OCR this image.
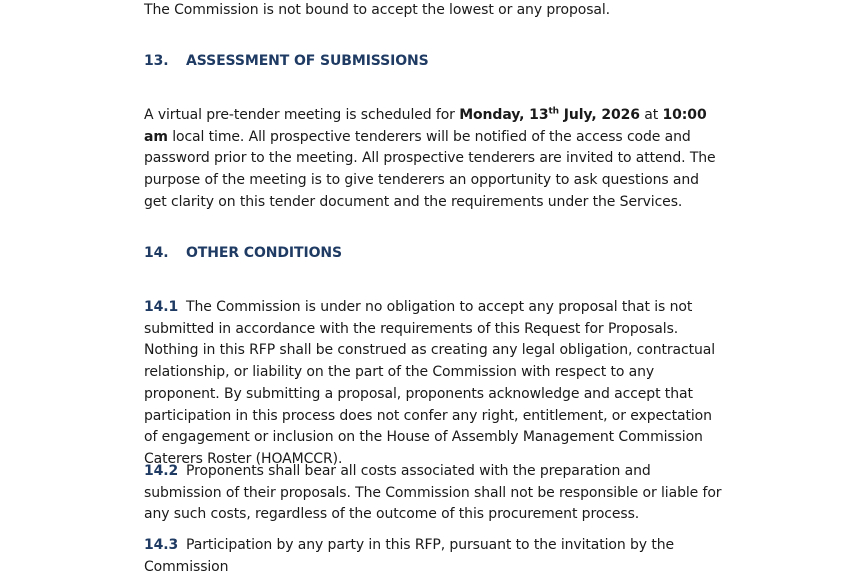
The Commission is not bound to accept the lowest or any proposal.

13. ASSESSMENT OF SUBMISSIONS

A virtual pre-tender meeting is scheduled for Monday, 13th July, 2026 at 10:00 am local time. All prospective tenderers will be notified of the access code and password prior to the meeting. All prospective tenderers are invited to attend. The purpose of the meeting is to give tenderers an opportunity to ask questions and get clarity on this tender document and the requirements under the Services.

14. OTHER CONDITIONS

14.1 The Commission is under no obligation to accept any proposal that is not submitted in accordance with the requirements of this Request for Proposals. Nothing in this RFP shall be construed as creating any legal obligation, contractual relationship, or liability on the part of the Commission with respect to any proponent. By submitting a proposal, proponents acknowledge and accept that participation in this process does not confer any right, entitlement, or expectation of engagement or inclusion on the House of Assembly Management Commission Caterers Roster (HOAMCCR).

14.2 Proponents shall bear all costs associated with the preparation and submission of their proposals. The Commission shall not be responsible or liable for any such costs, regardless of the outcome of this procurement process.

14.3 Participation by any party in this RFP, pursuant to the invitation by the Commission
